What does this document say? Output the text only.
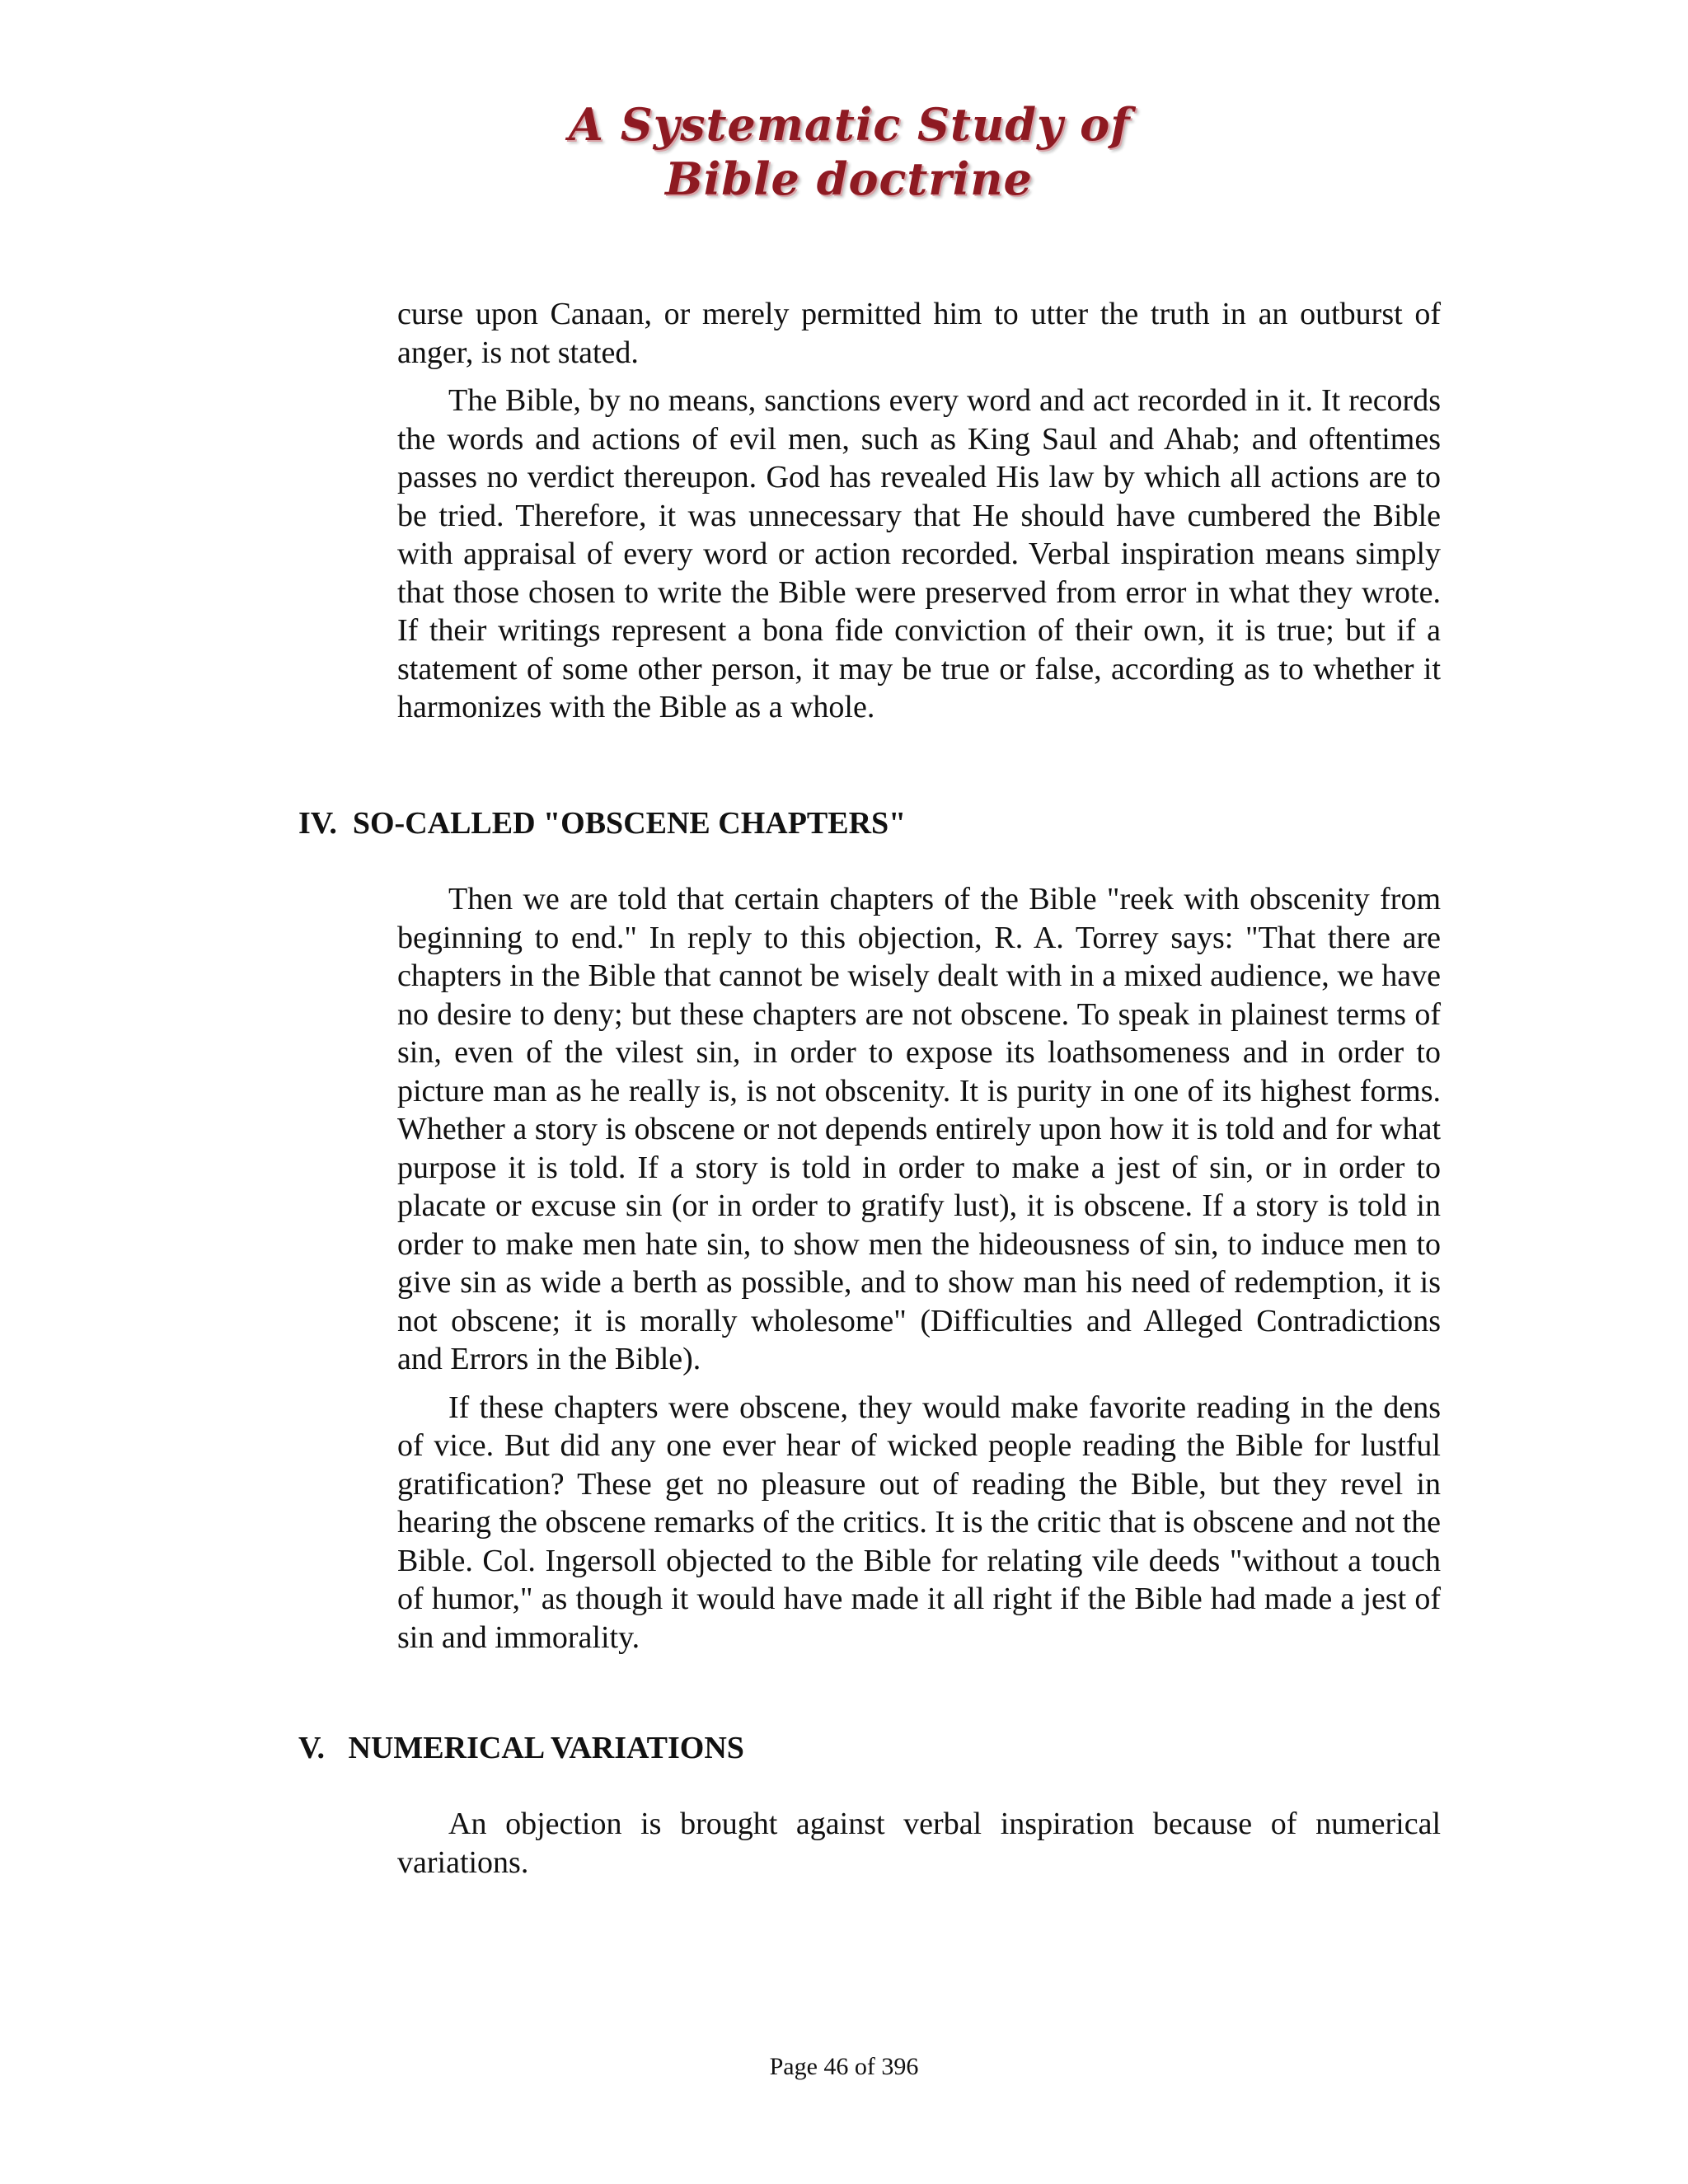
A Systematic Study of
Bible doctrine

curse upon Canaan, or merely permitted him to utter the truth in an outburst of anger, is not stated.

The Bible, by no means, sanctions every word and act recorded in it. It records the words and actions of evil men, such as King Saul and Ahab; and oftentimes passes no verdict thereupon. God has revealed His law by which all actions are to be tried. Therefore, it was unnecessary that He should have cumbered the Bible with appraisal of every word or action recorded. Verbal inspiration means simply that those chosen to write the Bible were preserved from error in what they wrote. If their writings represent a bona fide conviction of their own, it is true; but if a statement of some other person, it may be true or false, according as to whether it harmonizes with the Bible as a whole.

IV. SO-CALLED "OBSCENE CHAPTERS"

Then we are told that certain chapters of the Bible "reek with obscenity from beginning to end." In reply to this objection, R. A. Torrey says: "That there are chapters in the Bible that cannot be wisely dealt with in a mixed audience, we have no desire to deny; but these chapters are not obscene. To speak in plainest terms of sin, even of the vilest sin, in order to expose its loathsomeness and in order to picture man as he really is, is not obscenity. It is purity in one of its highest forms. Whether a story is obscene or not depends entirely upon how it is told and for what purpose it is told. If a story is told in order to make a jest of sin, or in order to placate or excuse sin (or in order to gratify lust), it is obscene. If a story is told in order to make men hate sin, to show men the hideousness of sin, to induce men to give sin as wide a berth as possible, and to show man his need of redemption, it is not obscene; it is morally wholesome" (Difficulties and Alleged Contradictions and Errors in the Bible).

If these chapters were obscene, they would make favorite reading in the dens of vice. But did any one ever hear of wicked people reading the Bible for lustful gratification? These get no pleasure out of reading the Bible, but they revel in hearing the obscene remarks of the critics. It is the critic that is obscene and not the Bible. Col. Ingersoll objected to the Bible for relating vile deeds "without a touch of humor," as though it would have made it all right if the Bible had made a jest of sin and immorality.

V. NUMERICAL VARIATIONS

An objection is brought against verbal inspiration because of numerical variations.

Page 46 of 396
